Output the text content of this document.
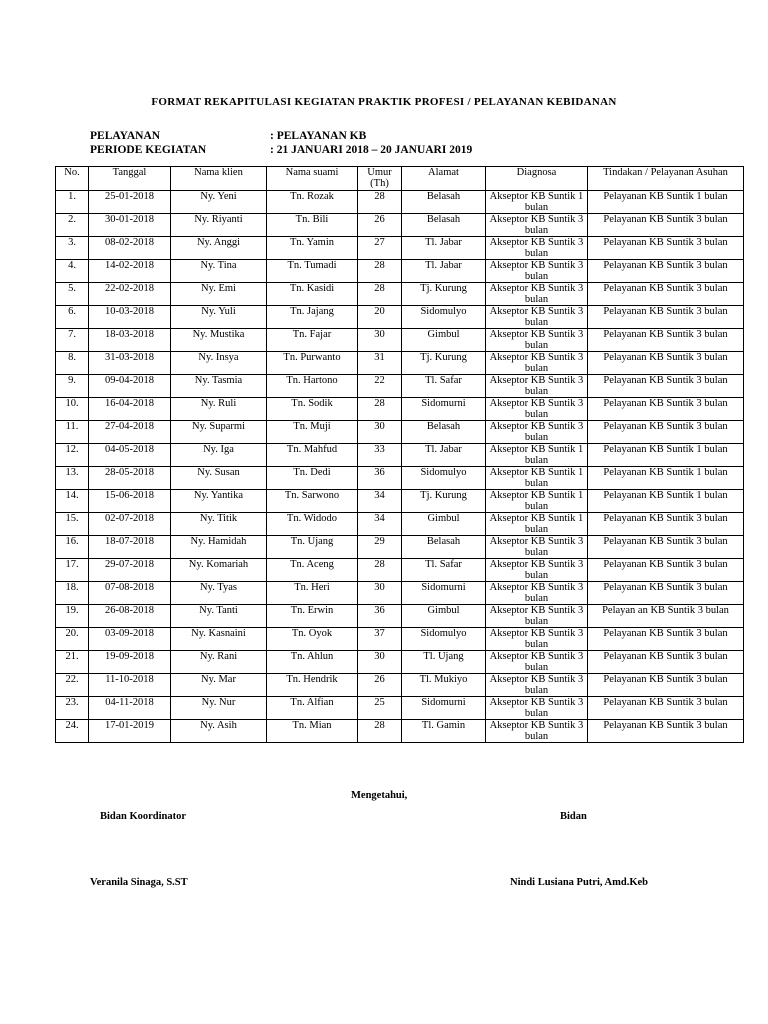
FORMAT REKAPITULASI KEGIATAN PRAKTIK PROFESI / PELAYANAN KEBIDANAN
PELAYANAN	: PELAYANAN KB
PERIODE KEGIATAN	: 21 JANUARI 2018 – 20 JANUARI 2019
No.	Tanggal	Nama klien	Nama suami	Umur (Th)	Alamat	Diagnosa	Tindakan / Pelayanan Asuhan
1.	25-01-2018	Ny. Yeni	Tn. Rozak	28	Belasah	Akseptor KB Suntik 1 bulan	Pelayanan KB Suntik 1 bulan
2.	30-01-2018	Ny. Riyanti	Tn. Bili	26	Belasah	Akseptor KB Suntik 3 bulan	Pelayanan KB Suntik 3 bulan
3.	08-02-2018	Ny. Anggi	Tn. Yamin	27	Tl. Jabar	Akseptor KB Suntik 3 bulan	Pelayanan KB Suntik 3 bulan
4.	14-02-2018	Ny. Tina	Tn. Tumadi	28	Tl. Jabar	Akseptor KB Suntik 3 bulan	Pelayanan KB Suntik 3 bulan
5.	22-02-2018	Ny. Emi	Tn. Kasidi	28	Tj. Kurung	Akseptor KB Suntik 3 bulan	Pelayanan KB Suntik 3 bulan
6.	10-03-2018	Ny. Yuli	Tn. Jajang	20	Sidomulyo	Akseptor KB Suntik 3 bulan	Pelayanan KB Suntik 3 bulan
7.	18-03-2018	Ny. Mustika	Tn. Fajar	30	Gimbul	Akseptor KB Suntik 3 bulan	Pelayanan KB Suntik 3 bulan
8.	31-03-2018	Ny. Insya	Tn. Purwanto	31	Tj. Kurung	Akseptor KB Suntik 3 bulan	Pelayanan KB Suntik 3 bulan
9.	09-04-2018	Ny. Tasmia	Tn. Hartono	22	Tl. Safar	Akseptor KB Suntik 3 bulan	Pelayanan KB Suntik 3 bulan
10.	16-04-2018	Ny. Ruli	Tn. Sodik	28	Sidomurni	Akseptor KB Suntik 3 bulan	Pelayanan KB Suntik 3 bulan
11.	27-04-2018	Ny. Suparmi	Tn. Muji	30	Belasah	Akseptor KB Suntik 3 bulan	Pelayanan KB Suntik 3 bulan
12.	04-05-2018	Ny. Iga	Tn. Mahfud	33	Tl. Jabar	Akseptor KB Suntik 1 bulan	Pelayanan KB Suntik 1 bulan
13.	28-05-2018	Ny. Susan	Tn. Dedi	36	Sidomulyo	Akseptor KB Suntik 1 bulan	Pelayanan KB Suntik 1 bulan
14.	15-06-2018	Ny. Yantika	Tn. Sarwono	34	Tj. Kurung	Akseptor KB Suntik 1 bulan	Pelayanan KB Suntik 1 bulan
15.	02-07-2018	Ny. Titik	Tn. Widodo	34	Gimbul	Akseptor KB Suntik 1 bulan	Pelayanan KB Suntik 3 bulan
16.	18-07-2018	Ny. Hamidah	Tn. Ujang	29	Belasah	Akseptor KB Suntik 3 bulan	Pelayanan KB Suntik 3 bulan
17.	29-07-2018	Ny. Komariah	Tn. Aceng	28	Tl. Safar	Akseptor KB Suntik 3 bulan	Pelayanan KB Suntik 3 bulan
18.	07-08-2018	Ny. Tyas	Tn. Heri	30	Sidomurni	Akseptor KB Suntik 3 bulan	Pelayanan KB Suntik 3 bulan
19.	26-08-2018	Ny. Tanti	Tn. Erwin	36	Gimbul	Akseptor KB Suntik 3 bulan	Pelayan an KB Suntik 3 bulan
20.	03-09-2018	Ny. Kasnaini	Tn. Oyok	37	Sidomulyo	Akseptor KB Suntik 3 bulan	Pelayanan KB Suntik 3 bulan
21.	19-09-2018	Ny. Rani	Tn. Ahlun	30	Tl. Ujang	Akseptor KB Suntik 3 bulan	Pelayanan KB Suntik 3 bulan
22.	11-10-2018	Ny. Mar	Tn. Hendrik	26	Tl. Mukiyo	Akseptor KB Suntik 3 bulan	Pelayanan KB Suntik 3 bulan
23.	04-11-2018	Ny. Nur	Tn. Alfian	25	Sidomurni	Akseptor KB Suntik 3 bulan	Pelayanan KB Suntik 3 bulan
24.	17-01-2019	Ny. Asih	Tn. Mian	28	Tl. Gamin	Akseptor KB Suntik 3 bulan	Pelayanan KB Suntik 3 bulan
Mengetahui,
Bidan Koordinator	Bidan
Veranila Sinaga, S.ST	Nindi Lusiana Putri, Amd.Keb
